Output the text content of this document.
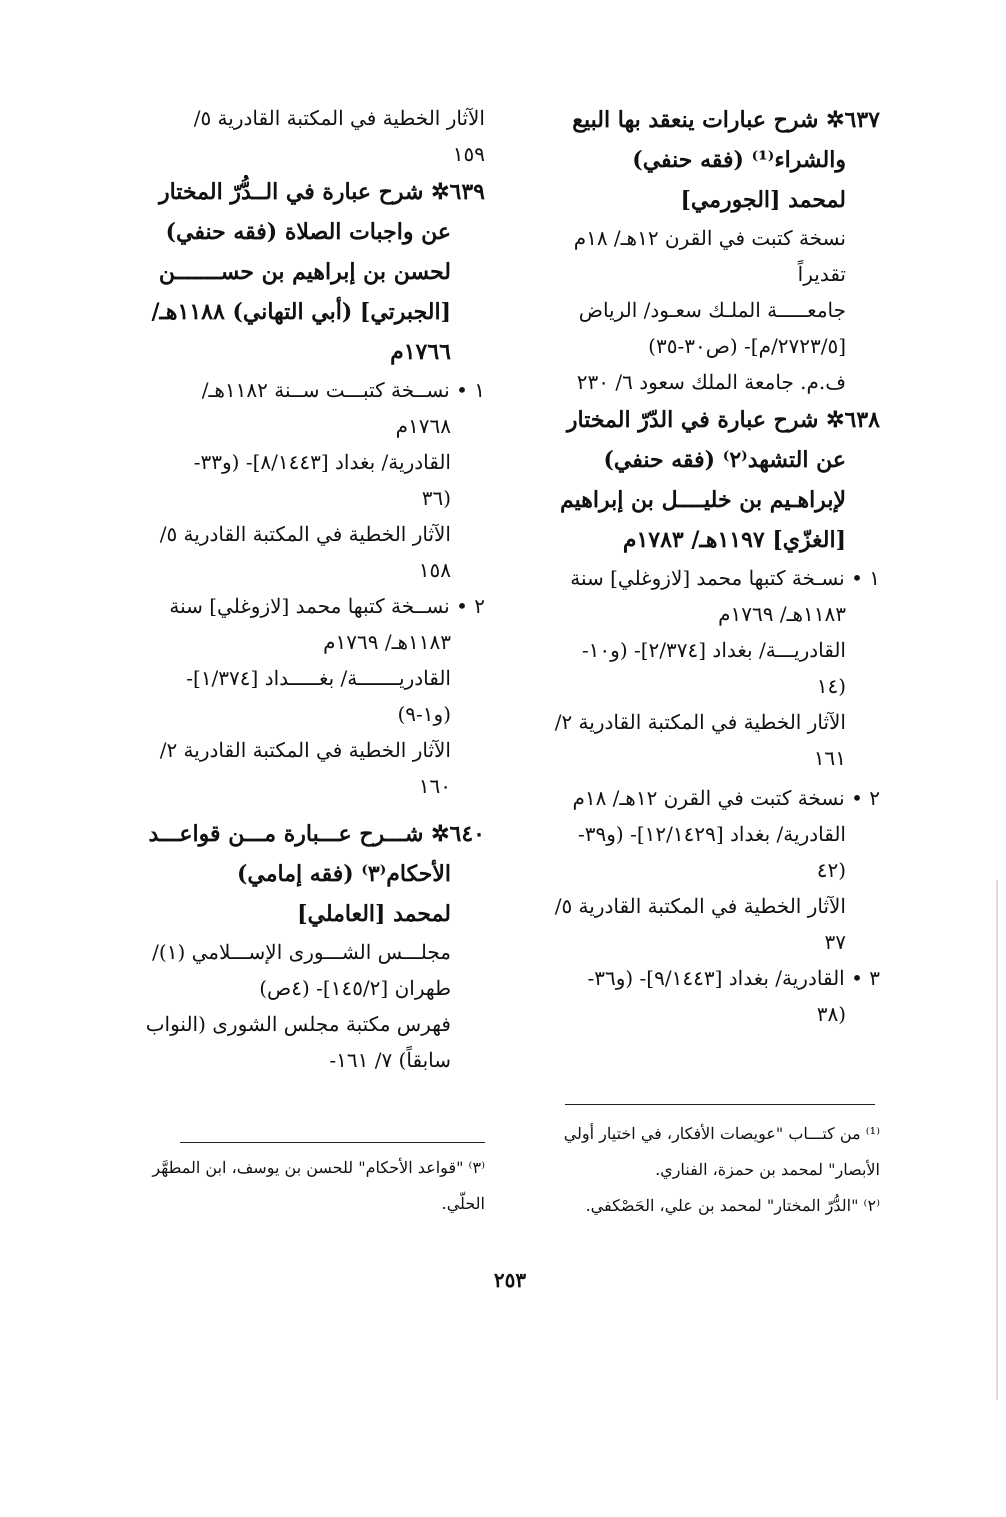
٦٣٧✲ شرح عبارات ينعقد بها البيع
والشراء⁽¹⁾ (فقه حنفي)
لمحمد [الجورمي]
نسخة كتبت في القرن ١٢هـ/ ١٨م
تقديراً
جامعـــــة الملـك سعـود/ الرياض
[٢٧٢٣/٥/م]- (ص٣٠-٣٥)
ف.م. جامعة الملك سعود ٦/ ٢٣٠
٦٣٨✲ شرح عبارة في الدّرّ المختار
عن التشهد⁽٢⁾ (فقه حنفي)
لإبراهـيم بن خليــــل بن إبراهيم
[الغزّي] ١١٩٧هـ/ ١٧٨٣م
١ • نسـخة كتبها محمد [لازوغلي] سنة
١١٨٣هـ/ ١٧٦٩م
القادريـــة/ بغداد [٢/٣٧٤]- (و١٠-
١٤)
الآثار الخطية في المكتبة القادرية ٢/
١٦١
٢ • نسخة كتبت في القرن ١٢هـ/ ١٨م
القادرية/ بغداد [١٢/١٤٢٩]- (و٣٩-
٤٢)
الآثار الخطية في المكتبة القادرية ٥/
٣٧
٣ • القادرية/ بغداد [٩/١٤٤٣]- (و٣٦-
٣٨)
⁽¹⁾ من كتـــاب "عويصات الأفكار، في اختيار أولي
الأبصار" لمحمد بن حمزة، الفناري.
⁽٢⁾ "الدُّرّ المختار" لمحمد بن علي، الحَصْكفي.
الآثار الخطية في المكتبة القادرية ٥/
١٥٩
٦٣٩✲ شرح عبارة في الــدُّرّ المختار
عن واجبات الصلاة (فقه حنفي)
لحسن بن إبراهيم بن حســـــــن
[الجبرتي] (أبي التهاني) ١١٨٨هـ/
١٧٦٦م
١ • نســخة كتبـــت ســنة ١١٨٢هـ/
١٧٦٨م
القادرية/ بغداد [٨/١٤٤٣]- (و٣٣-
٣٦)
الآثار الخطية في المكتبة القادرية ٥/
١٥٨
٢ • نســخة كتبها محمد [لازوغلي] سنة
١١٨٣هـ/ ١٧٦٩م
القادريـــــــة/ بغـــــداد [١/٣٧٤]-
(و١-٩)
الآثار الخطية في المكتبة القادرية ٢/
١٦٠
٦٤٠✲ شـــرح عـــبارة مـــن قواعـــد
الأحكام⁽٣⁾ (فقه إمامي)
لمحمد [العاملي]
مجلـــس الشـــورى الإســـلامي (١)/
طهران [١٤٥/٢]- (٤ص)
فهرس مكتبة مجلس الشورى (النواب
سابقاً) ٧/ ١٦١-
⁽٣⁾ "قواعد الأحكام" للحسن بن يوسف، ابن المطهَّر
الحلّي.
٢٥٣
